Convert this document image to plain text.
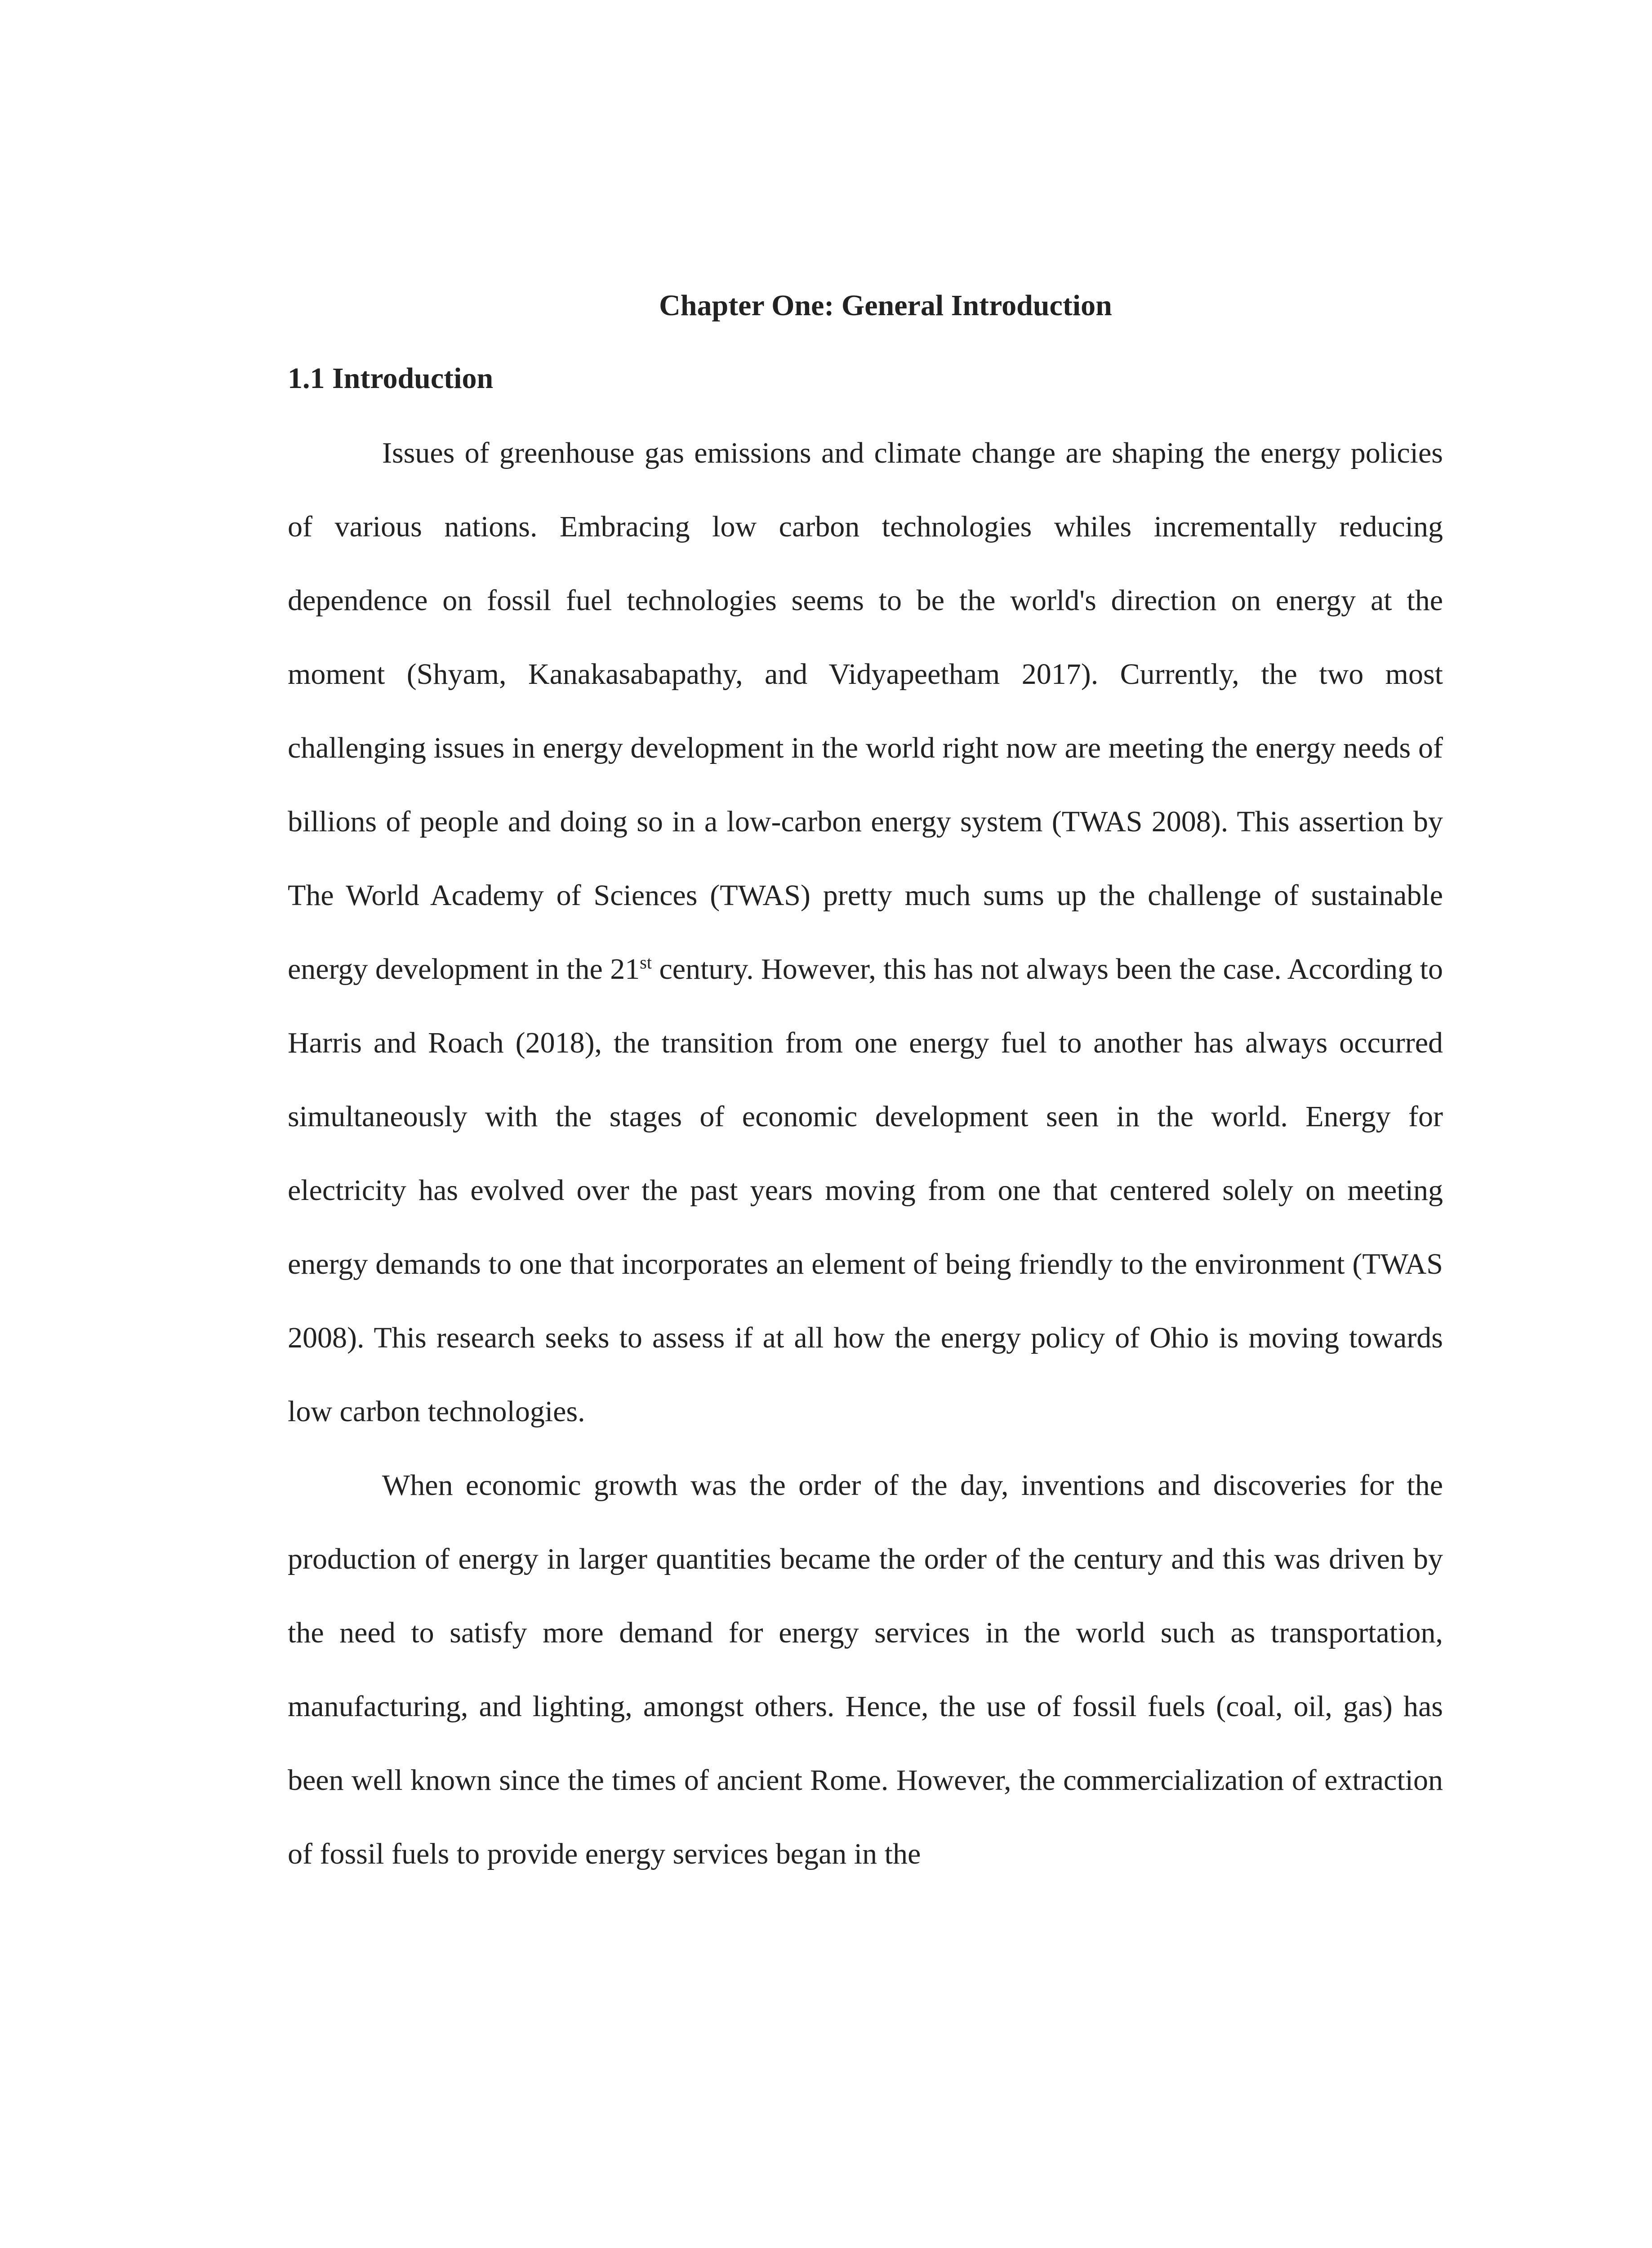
Chapter One: General Introduction
1.1 Introduction

Issues of greenhouse gas emissions and climate change are shaping the energy policies of various nations. Embracing low carbon technologies whiles incrementally reducing dependence on fossil fuel technologies seems to be the world's direction on energy at the moment (Shyam, Kanakasabapathy, and Vidyapeetham 2017). Currently, the two most challenging issues in energy development in the world right now are meeting the energy needs of billions of people and doing so in a low-carbon energy system (TWAS 2008). This assertion by The World Academy of Sciences (TWAS) pretty much sums up the challenge of sustainable energy development in the 21st century. However, this has not always been the case. According to Harris and Roach (2018), the transition from one energy fuel to another has always occurred simultaneously with the stages of economic development seen in the world. Energy for electricity has evolved over the past years moving from one that centered solely on meeting energy demands to one that incorporates an element of being friendly to the environment (TWAS 2008). This research seeks to assess if at all how the energy policy of Ohio is moving towards low carbon technologies.

When economic growth was the order of the day, inventions and discoveries for the production of energy in larger quantities became the order of the century and this was driven by the need to satisfy more demand for energy services in the world such as transportation, manufacturing, and lighting, amongst others. Hence, the use of fossil fuels (coal, oil, gas) has been well known since the times of ancient Rome. However, the commercialization of extraction of fossil fuels to provide energy services began in the
